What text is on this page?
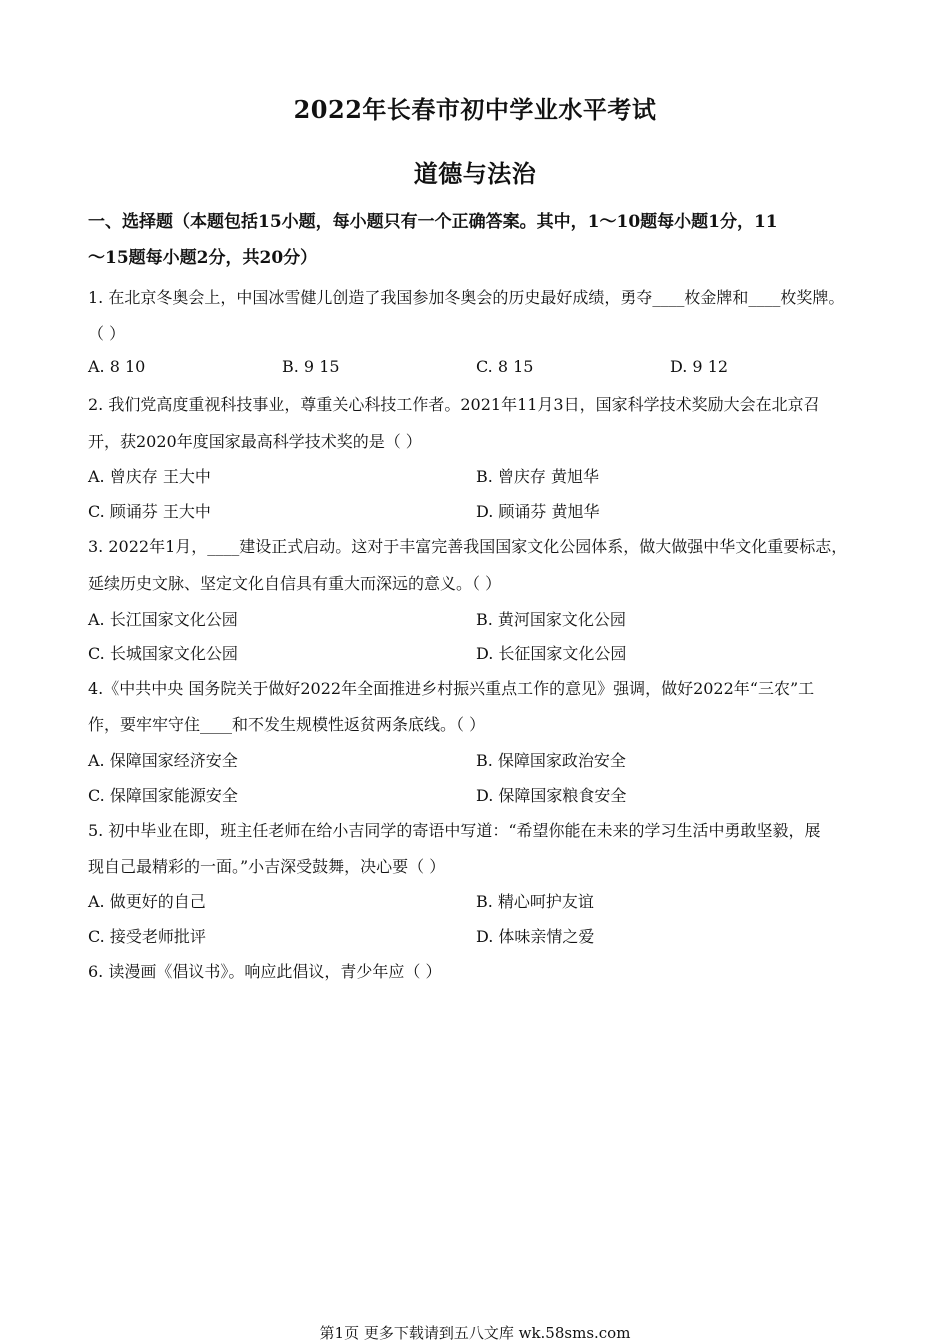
2022年长春市初中学业水平考试
道德与法治
一、选择题（本题包括15小题，每小题只有一个正确答案。其中，1～10题每小题1分，11
～15题每小题2分，共20分）
1. 在北京冬奥会上，中国冰雪健儿创造了我国参加冬奥会的历史最好成绩，勇夺____枚金牌和____枚奖牌。
（ ）
A. 8 10	B. 9 15	C. 8 15	D. 9 12
2. 我们党高度重视科技事业，尊重关心科技工作者。2021年11月3日，国家科学技术奖励大会在北京召
开，获2020年度国家最高科学技术奖的是（ ）
A. 曾庆存 王大中	B. 曾庆存 黄旭华
C. 顾诵芬 王大中	D. 顾诵芬 黄旭华
3. 2022年1月，____建设正式启动。这对于丰富完善我国国家文化公园体系，做大做强中华文化重要标志，
延续历史文脉、坚定文化自信具有重大而深远的意义。（ ）
A. 长江国家文化公园	B. 黄河国家文化公园
C. 长城国家文化公园	D. 长征国家文化公园
4.《中共中央 国务院关于做好2022年全面推进乡村振兴重点工作的意见》强调，做好2022年“三农”工
作，要牢牢守住____和不发生规模性返贫两条底线。（ ）
A. 保障国家经济安全	B. 保障国家政治安全
C. 保障国家能源安全	D. 保障国家粮食安全
5. 初中毕业在即，班主任老师在给小吉同学的寄语中写道：“希望你能在未来的学习生活中勇敢坚毅，展
现自己最精彩的一面。”小吉深受鼓舞，决心要（ ）
A. 做更好的自己	B. 精心呵护友谊
C. 接受老师批评	D. 体味亲情之爱
6. 读漫画《倡议书》。响应此倡议，青少年应（ ）
第1页 更多下载请到五八文库 wk.58sms.com
